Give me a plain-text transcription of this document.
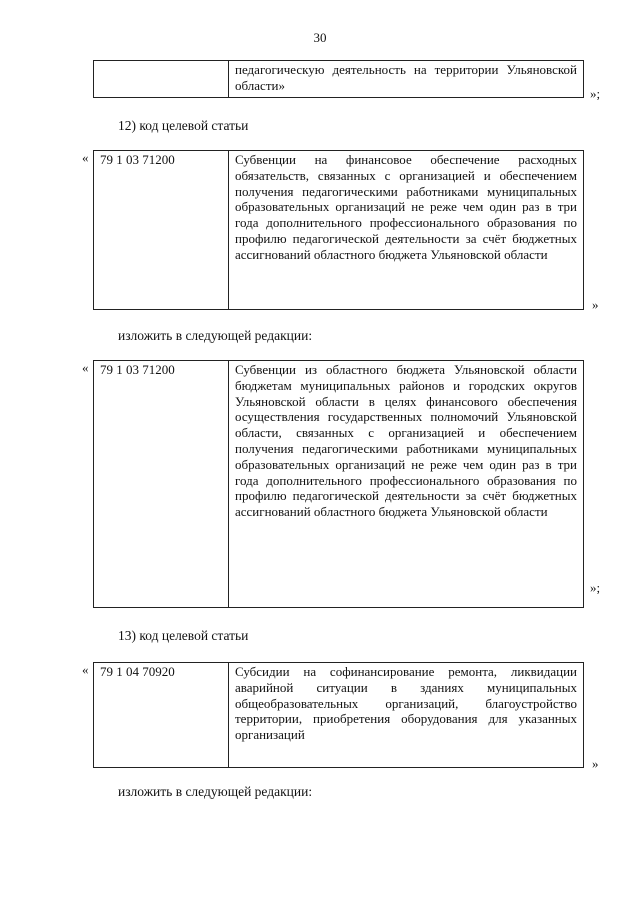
30
педагогическую деятельность на территории Ульяновской области»
»;
12) код целевой статьи
« 79 1 03 71200	Субвенции на финансовое обеспечение расходных обязательств, связанных с организацией и обеспечением получения педагогическими работниками муниципальных образовательных организаций не реже чем один раз в три года дополнительного профессионального образования по профилю педагогической деятельности за счёт бюджетных ассигнований областного бюджета Ульяновской области
»
изложить в следующей редакции:
« 79 1 03 71200	Субвенции из областного бюджета Ульяновской области бюджетам муниципальных районов и городских округов Ульяновской области в целях финансового обеспечения осуществления государственных полномочий Ульяновской области, связанных с организацией и обеспечением получения педагогическими работниками муниципальных образовательных организаций не реже чем один раз в три года дополнительного профессионального образования по профилю педагогической деятельности за счёт бюджетных ассигнований областного бюджета Ульяновской области
»;
13) код целевой статьи
« 79 1 04 70920	Субсидии на софинансирование ремонта, ликвидации аварийной ситуации в зданиях муниципальных общеобразовательных организаций, благоустройство территории, приобретения оборудования для указанных организаций
»
изложить в следующей редакции:
